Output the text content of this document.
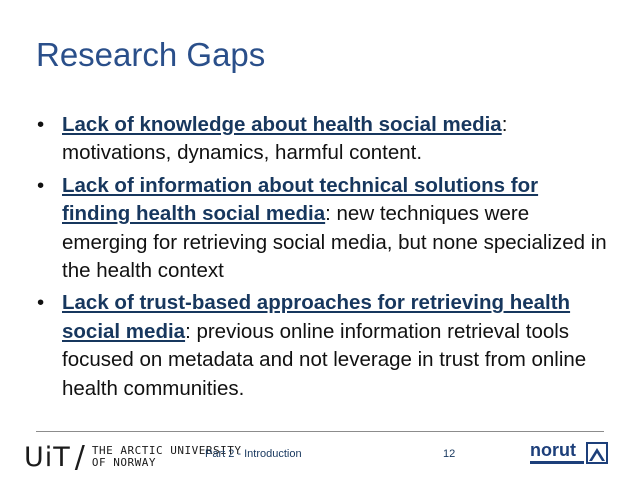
Research Gaps
• Lack of knowledge about health social media: motivations, dynamics, harmful content.
• Lack of information about technical solutions for finding health social media: new techniques were emerging for retrieving social media, but none specialized in the health context
• Lack of trust-based approaches for retrieving health social media: previous online information retrieval tools focused on metadata and not leverage in trust from online health communities.
UiT / THE ARCTIC UNIVERSITY
OF NORWAY
Part 2 - Introduction	12	norut
